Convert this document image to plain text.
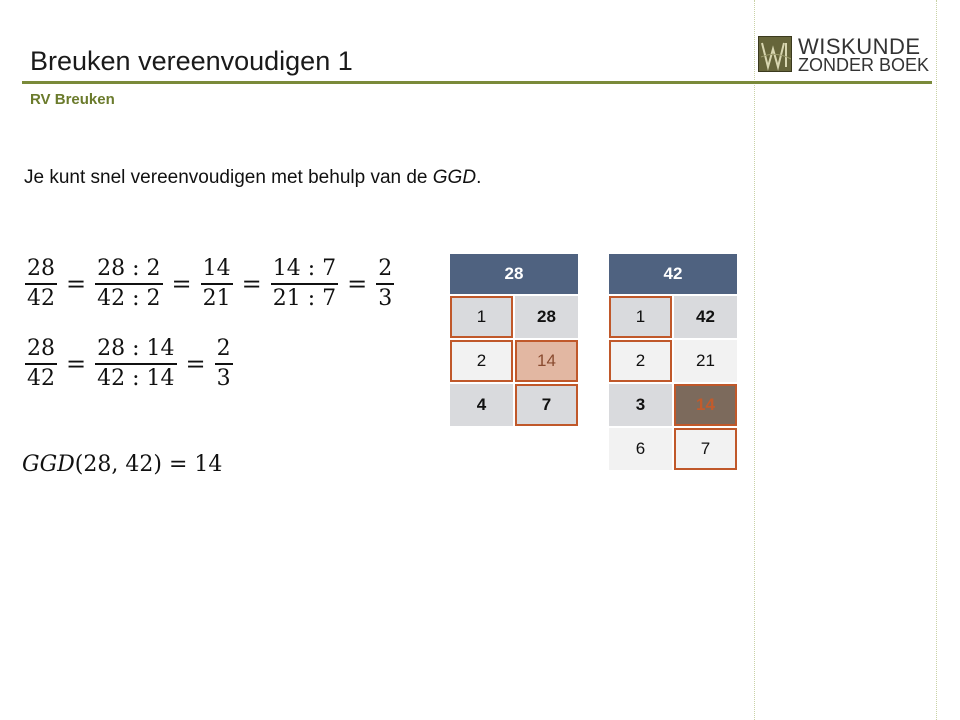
Breuken vereenvoudigen 1
RV Breuken
WISKUNDE
ZONDER BOEK
Je kunt snel vereenvoudigen met behulp van de GGD.
$\frac{28}{42} = \frac{28 : 2}{42 : 2} = \frac{14}{21} = \frac{14 : 7}{21 : 7} = \frac{2}{3}$
$\frac{28}{42} = \frac{28 : 14}{42 : 14} = \frac{2}{3}$
GGD(28, 42) = 14
28
1	28
2	14
4	7
42
1	42
2	21
3	14
6	7
